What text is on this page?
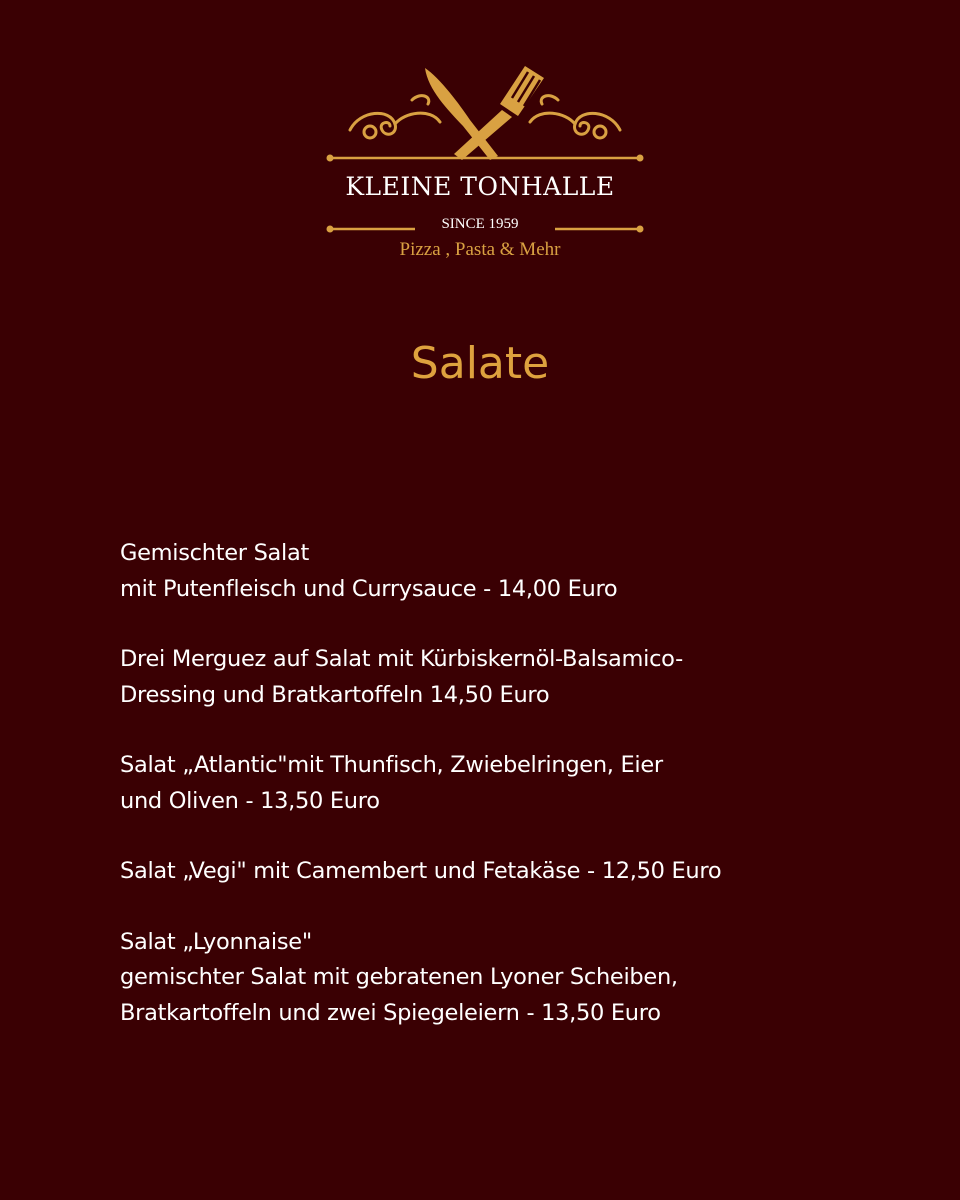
KLEINE TONHALLE
SINCE 1959
Pizza , Pasta & Mehr
Salate
Gemischter Salat
mit Putenfleisch und Currysauce - 14,00 Euro
Drei Merguez auf Salat mit Kürbiskernöl-Balsamico-
Dressing und Bratkartoffeln 14,50 Euro
Salat „Atlantic"mit Thunfisch, Zwiebelringen, Eier
und Oliven - 13,50 Euro
Salat „Vegi" mit Camembert und Fetakäse - 12,50 Euro
Salat „Lyonnaise"
gemischter Salat mit gebratenen Lyoner Scheiben,
Bratkartoffeln und zwei Spiegeleiern - 13,50 Euro
